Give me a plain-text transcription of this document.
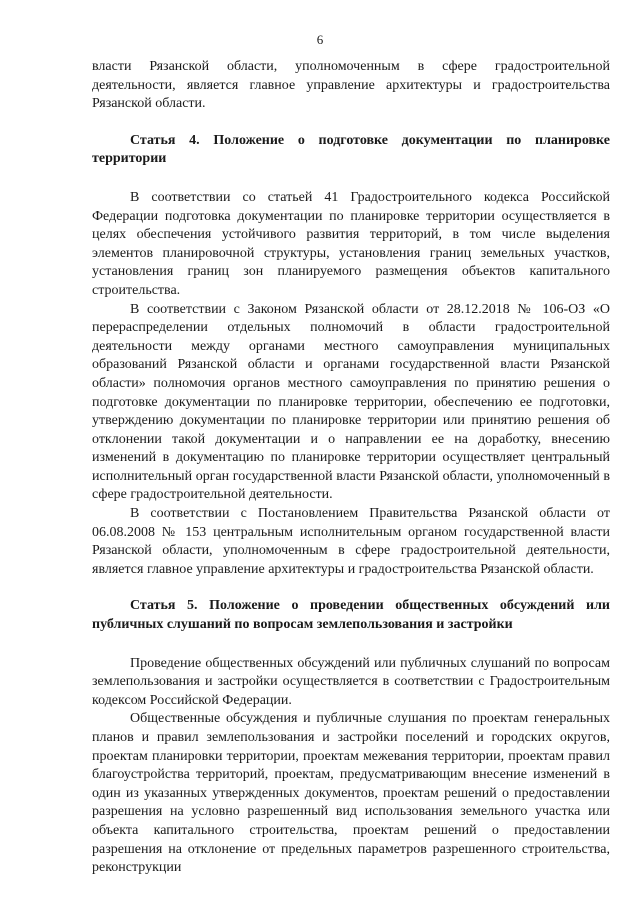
6

власти Рязанской области, уполномоченным в сфере градостроительной деятельности, является главное управление архитектуры и градостроительства Рязанской области.

Статья 4. Положение о подготовке документации по планировке территории

В соответствии со статьей 41 Градостроительного кодекса Российской Федерации подготовка документации по планировке территории осуществляется в целях обеспечения устойчивого развития территорий, в том числе выделения элементов планировочной структуры, установления границ земельных участков, установления границ зон планируемого размещения объектов капитального строительства.

В соответствии с Законом Рязанской области от 28.12.2018 № 106-ОЗ «О перераспределении отдельных полномочий в области градостроительной деятельности между органами местного самоуправления муниципальных образований Рязанской области и органами государственной власти Рязанской области» полномочия органов местного самоуправления по принятию решения о подготовке документации по планировке территории, обеспечению ее подготовки, утверждению документации по планировке территории или принятию решения об отклонении такой документации и о направлении ее на доработку, внесению изменений в документацию по планировке территории осуществляет центральный исполнительный орган государственной власти Рязанской области, уполномоченный в сфере градостроительной деятельности.

В соответствии с Постановлением Правительства Рязанской области от 06.08.2008 № 153 центральным исполнительным органом государственной власти Рязанской области, уполномоченным в сфере градостроительной деятельности, является главное управление архитектуры и градостроительства Рязанской области.

Статья 5. Положение о проведении общественных обсуждений или публичных слушаний по вопросам землепользования и застройки

Проведение общественных обсуждений или публичных слушаний по вопросам землепользования и застройки осуществляется в соответствии с Градостроительным кодексом Российской Федерации.

Общественные обсуждения и публичные слушания по проектам генеральных планов и правил землепользования и застройки поселений и городских округов, проектам планировки территории, проектам межевания территории, проектам правил благоустройства территорий, проектам, предусматривающим внесение изменений в один из указанных утвержденных документов, проектам решений о предоставлении разрешения на условно разрешенный вид использования земельного участка или объекта капитального строительства, проектам решений о предоставлении разрешения на отклонение от предельных параметров разрешенного строительства, реконструкции
